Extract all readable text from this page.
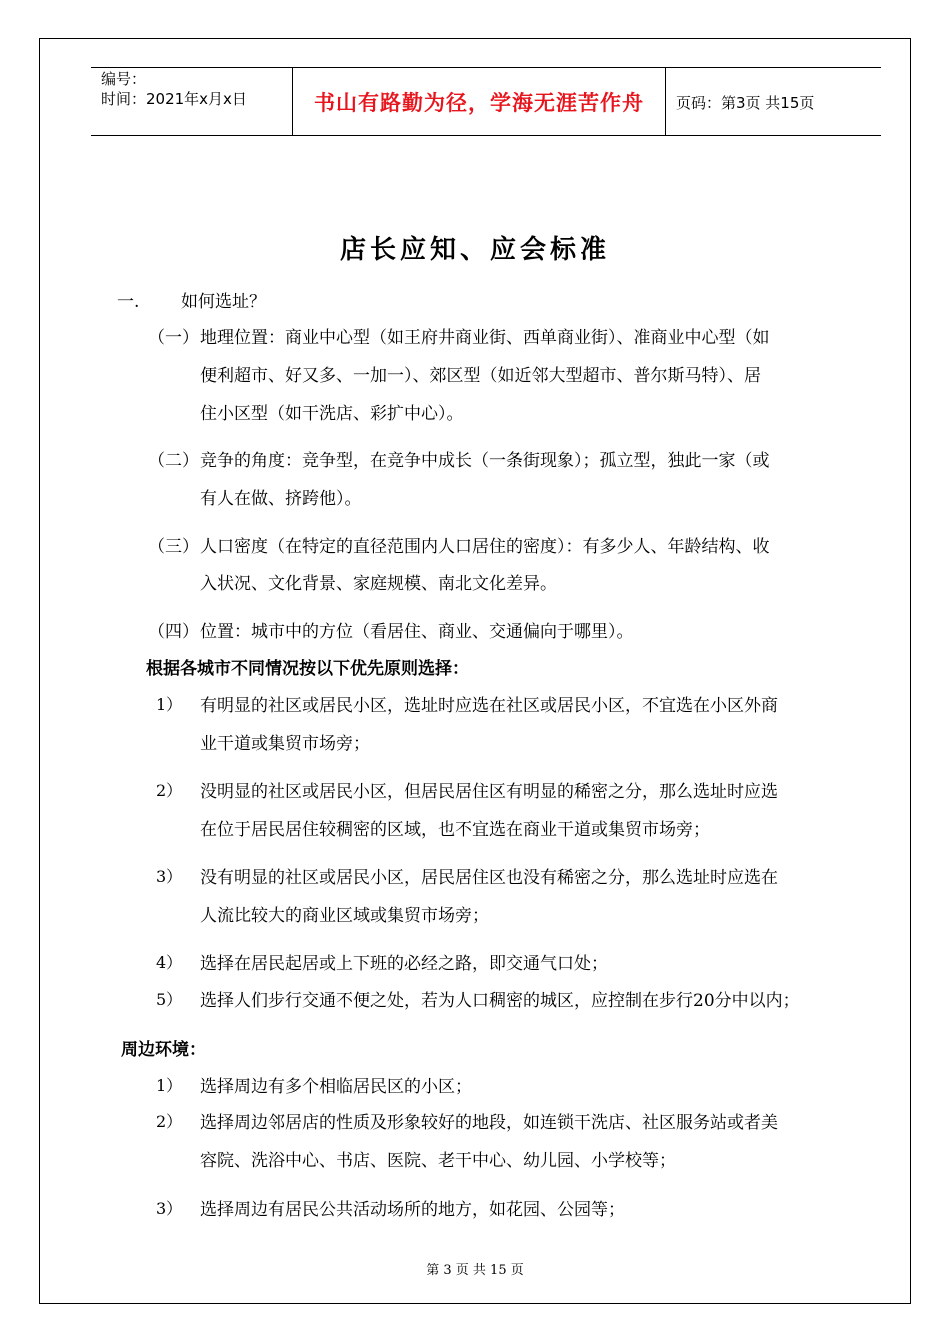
编号：
时间：2021年x月x日	书山有路勤为径，学海无涯苦作舟	页码：第3页 共15页
店长应知、应会标准
一. 如何选址？
（一） 地理位置：商业中心型（如王府井商业街、西单商业街）、准商业中心型（如
便利超市、好又多、一加一）、郊区型（如近邻大型超市、普尔斯马特）、居
住小区型（如干洗店、彩扩中心）。
（二） 竞争的角度：竞争型，在竞争中成长（一条街现象）；孤立型，独此一家（或
有人在做、挤跨他）。
（三） 人口密度（在特定的直径范围内人口居住的密度）：有多少人、年龄结构、收
入状况、文化背景、家庭规模、南北文化差异。
（四） 位置：城市中的方位（看居住、商业、交通偏向于哪里）。
根据各城市不同情况按以下优先原则选择：
1） 有明显的社区或居民小区，选址时应选在社区或居民小区，不宜选在小区外商
业干道或集贸市场旁；
2） 没明显的社区或居民小区，但居民居住区有明显的稀密之分，那么选址时应选
在位于居民居住较稠密的区域，也不宜选在商业干道或集贸市场旁；
3） 没有明显的社区或居民小区，居民居住区也没有稀密之分，那么选址时应选在
人流比较大的商业区域或集贸市场旁；
4） 选择在居民起居或上下班的必经之路，即交通气口处；
5） 选择人们步行交通不便之处，若为人口稠密的城区，应控制在步行20分中以内；
周边环境：
1） 选择周边有多个相临居民区的小区；
2） 选择周边邻居店的性质及形象较好的地段，如连锁干洗店、社区服务站或者美
容院、洗浴中心、书店、医院、老干中心、幼儿园、小学校等；
3） 选择周边有居民公共活动场所的地方，如花园、公园等；
第 3 页 共 15 页
